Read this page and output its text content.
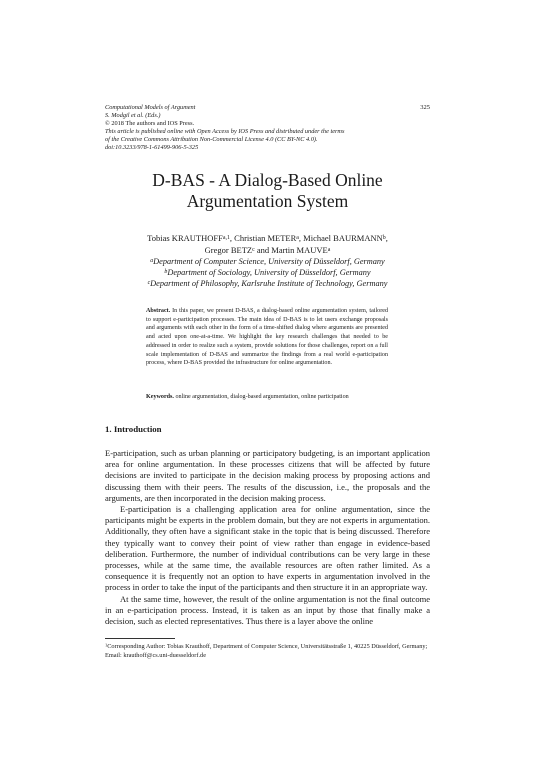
Computational Models of Argument
S. Modgil et al. (Eds.)
© 2018 The authors and IOS Press.
This article is published online with Open Access by IOS Press and distributed under the terms
of the Creative Commons Attribution Non-Commercial License 4.0 (CC BY-NC 4.0).
doi:10.3233/978-1-61499-906-5-325
325
D-BAS - A Dialog-Based Online
Argumentation System
Tobias KRAUTHOFF$^{a,1}$, Christian METER$^a$, Michael BAURMANN$^b$,
Gregor BETZ$^c$ and Martin MAUVE$^a$
$^a$Department of Computer Science, University of Düsseldorf, Germany
$^b$Department of Sociology, University of Düsseldorf, Germany
$^c$Department of Philosophy, Karlsruhe Institute of Technology, Germany
Abstract. In this paper, we present D-BAS, a dialog-based online argumentation system, tailored to support e-participation processes. The main idea of D-BAS is to let users exchange proposals and arguments with each other in the form of a time-shifted dialog where arguments are presented and acted upon one-at-a-time. We highlight the key research challenges that needed to be addressed in order to realize such a system, provide solutions for those challenges, report on a full scale implementation of D-BAS and summarize the findings from a real world e-participation process, where D-BAS provided the infrastructure for online argumentation.
Keywords. online argumentation, dialog-based argumentation, online participation
1. Introduction

E-participation, such as urban planning or participatory budgeting, is an important application area for online argumentation. In these processes citizens that will be affected by future decisions are invited to participate in the decision making process by proposing actions and discussing them with their peers. The results of the discussion, i.e., the proposals and the arguments, are then incorporated in the decision making process.

E-participation is a challenging application area for online argumentation, since the participants might be experts in the problem domain, but they are not experts in argumentation. Additionally, they often have a significant stake in the topic that is being discussed. Therefore they typically want to convey their point of view rather than engage in evidence-based deliberation. Furthermore, the number of individual contributions can be very large in these processes, while at the same time, the available resources are often rather limited. As a consequence it is frequently not an option to have experts in argumentation involved in the process in order to take the input of the participants and then structure it in an appropriate way.

At the same time, however, the result of the online argumentation is not the final outcome in an e-participation process. Instead, it is taken as an input by those that finally make a decision, such as elected representatives. Thus there is a layer above the online

$^1$Corresponding Author: Tobias Krauthoff, Department of Computer Science, Universitätsstraße 1, 40225 Düsseldorf, Germany; Email: krauthoff@cs.uni-duesseldorf.de
